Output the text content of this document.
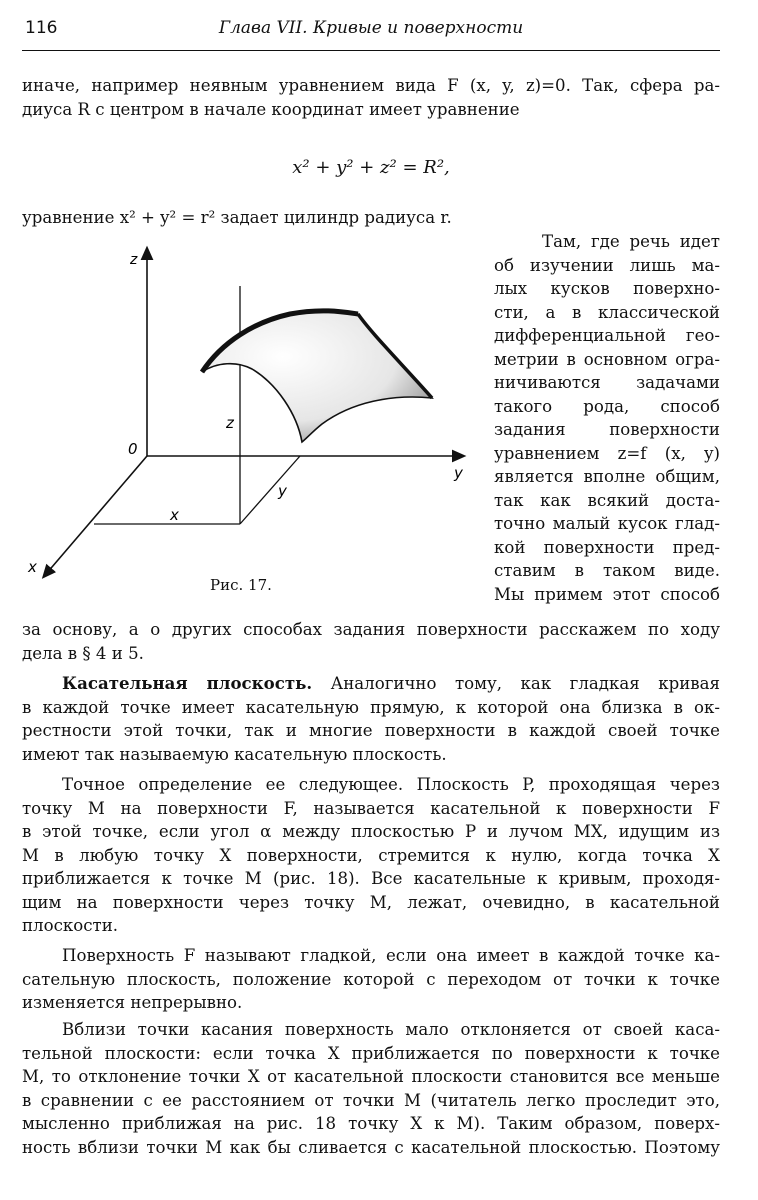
116	Глава VII. Кривые и поверхности
иначе, например неявным уравнением вида F (x, y, z)=0. Так, сфера ра-
диуса R с центром в начале координат имеет уравнение
x² + y² + z² = R²,
уравнение x² + y² = r² задает цилиндр радиуса r.
Там, где речь идет
об изучении лишь ма-
лых кусков поверхно-
сти, а в классической
дифференциальной гео-
метрии в основном огра-
ничиваются задачами
такого рода, способ
задания поверхности
уравнением z=f (x, y)
является вполне общим,
так как всякий доста-
точно малый кусок глад-
кой поверхности пред-
ставим в таком виде.
Мы примем этот способ
z
0
y
x
z
y
x
Рис. 17.
за основу, а о других способах задания поверхности расскажем по ходу
дела в § 4 и 5.
Касательная плоскость. Аналогично тому, как гладкая кривая
в каждой точке имеет касательную прямую, к которой она близка в ок-
рестности этой точки, так и многие поверхности в каждой своей точке
имеют так называемую касательную плоскость.
Точное определение ее следующее. Плоскость P, проходящая через
точку M на поверхности F, называется касательной к поверхности F
в этой точке, если угол α между плоскостью P и лучом MX, идущим из
M в любую точку X поверхности, стремится к нулю, когда точка X
приближается к точке M (рис. 18). Все касательные к кривым, проходя-
щим на поверхности через точку M, лежат, очевидно, в касательной
плоскости.
Поверхность F называют гладкой, если она имеет в каждой точке ка-
сательную плоскость, положение которой с переходом от точки к точке
изменяется непрерывно.
Вблизи точки касания поверхность мало отклоняется от своей каса-
тельной плоскости: если точка X приближается по поверхности к точке
M, то отклонение точки X от касательной плоскости становится все меньше
в сравнении с ее расстоянием от точки M (читатель легко проследит это,
мысленно приближая на рис. 18 точку X к M). Таким образом, поверх-
ность вблизи точки M как бы сливается с касательной плоскостью. Поэтому
